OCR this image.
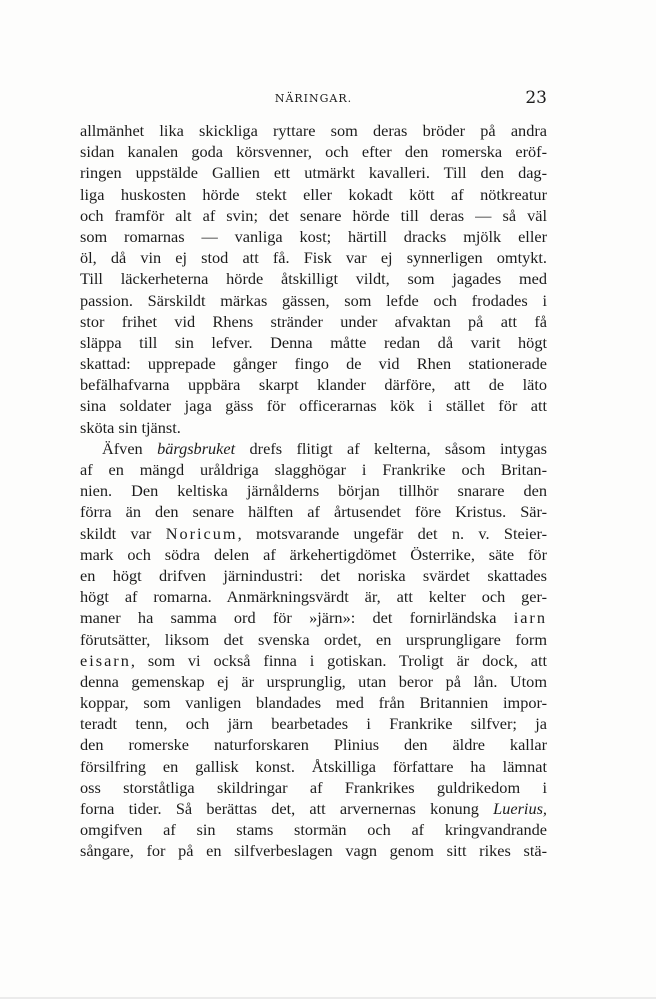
NÄRINGAR.	23
allmänhet lika skickliga ryttare som deras bröder på andra
sidan kanalen goda körsvenner, och efter den romerska eröf-
ringen uppstälde Gallien ett utmärkt kavalleri. Till den dag-
liga huskosten hörde stekt eller kokadt kött af nötkreatur
och framför alt af svin; det senare hörde till deras — så väl
som romarnas — vanliga kost; härtill dracks mjölk eller
öl, då vin ej stod att få. Fisk var ej synnerligen omtykt.
Till läckerheterna hörde åtskilligt vildt, som jagades med
passion. Särskildt märkas gässen, som lefde och frodades i
stor frihet vid Rhens stränder under afvaktan på att få
släppa till sin lefver. Denna måtte redan då varit högt
skattad: upprepade gånger fingo de vid Rhen stationerade
befälhafvarna uppbära skarpt klander därföre, att de läto
sina soldater jaga gäss för officerarnas kök i stället för att
sköta sin tjänst.
Äfven bärgsbruket drefs flitigt af kelterna, såsom intygas
af en mängd uråldriga slagghögar i Frankrike och Britan-
nien. Den keltiska järnålderns början tillhör snarare den
förra än den senare hälften af årtusendet före Kristus. Sär-
skildt var Noricum, motsvarande ungefär det n. v. Steier-
mark och södra delen af ärkehertigdömet Österrike, säte för
en högt drifven järnindustri: det noriska svärdet skattades
högt af romarna. Anmärkningsvärdt är, att kelter och ger-
maner ha samma ord för »järn»: det fornirländska iarn
förutsätter, liksom det svenska ordet, en ursprungligare form
eisarn, som vi också finna i gotiskan. Troligt är dock, att
denna gemenskap ej är ursprunglig, utan beror på lån. Utom
koppar, som vanligen blandades med från Britannien impor-
teradt tenn, och järn bearbetades i Frankrike silfver; ja
den romerske naturforskaren Plinius den äldre kallar
försilfring en gallisk konst. Åtskilliga författare ha lämnat
oss storståtliga skildringar af Frankrikes guldrikedom i
forna tider. Så berättas det, att arvernernas konung Luerius,
omgifven af sin stams stormän och af kringvandrande
sångare, for på en silfverbeslagen vagn genom sitt rikes stä-
